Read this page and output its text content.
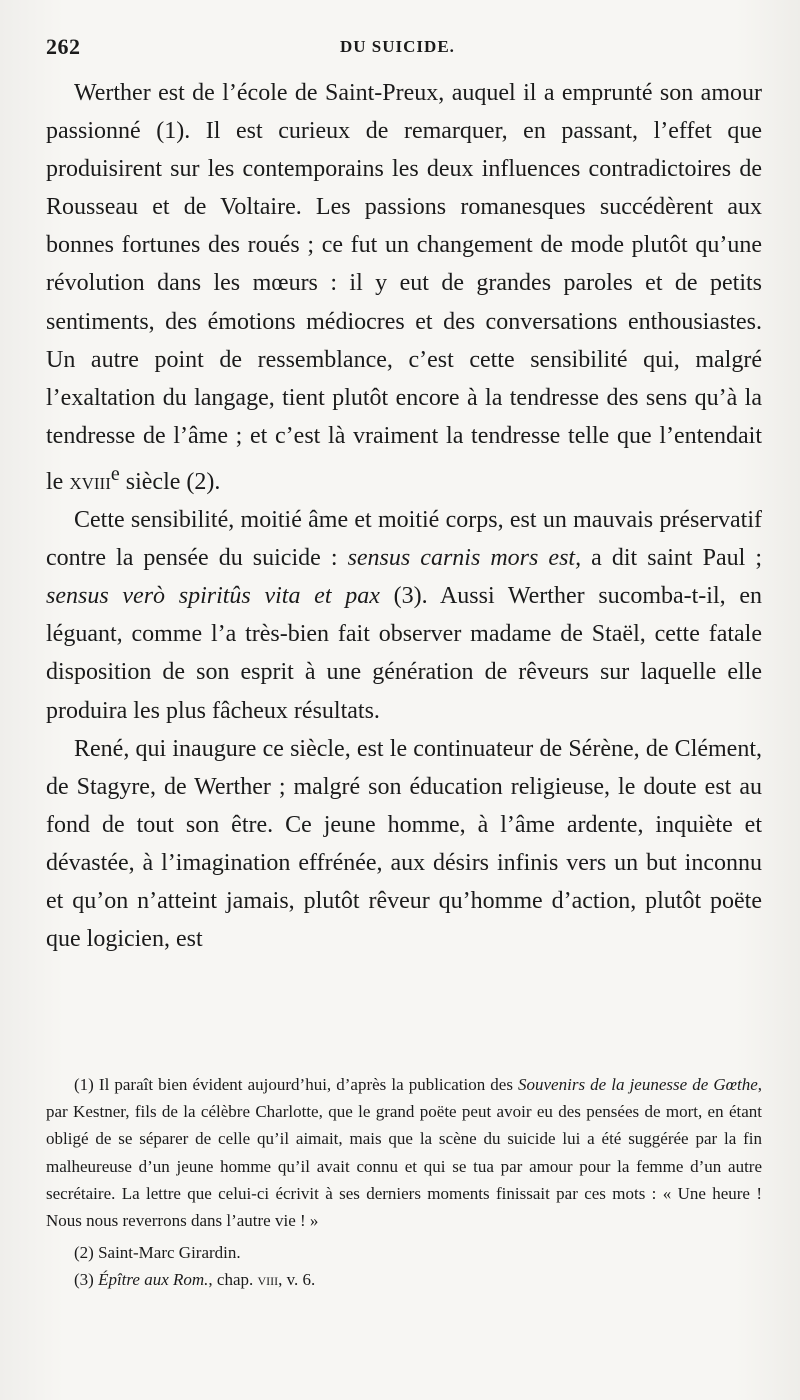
262	DU SUICIDE.

Werther est de l’école de Saint-Preux, auquel il a emprunté son amour passionné (1). Il est curieux de remarquer, en passant, l’effet que produisirent sur les contemporains les deux influences contradictoires de Rousseau et de Voltaire. Les passions romanesques succédèrent aux bonnes fortunes des roués ; ce fut un changement de mode plutôt qu’une révolution dans les mœurs : il y eut de grandes paroles et de petits sentiments, des émotions médiocres et des conversations enthousiastes. Un autre point de ressemblance, c’est cette sensibilité qui, malgré l’exaltation du langage, tient plutôt encore à la tendresse des sens qu’à la tendresse de l’âme ; et c’est là vraiment la tendresse telle que l’entendait le xviii$^e$ siècle (2).

Cette sensibilité, moitié âme et moitié corps, est un mauvais préservatif contre la pensée du suicide : sensus carnis mors est, a dit saint Paul ; sensus verò spiritûs vita et pax (3). Aussi Werther sucomba-t-il, en léguant, comme l’a très-bien fait observer madame de Staël, cette fatale disposition de son esprit à une génération de rêveurs sur laquelle elle produira les plus fâcheux résultats.

René, qui inaugure ce siècle, est le continuateur de Sérène, de Clément, de Stagyre, de Werther ; malgré son éducation religieuse, le doute est au fond de tout son être. Ce jeune homme, à l’âme ardente, inquiète et dévastée, à l’imagination effrénée, aux désirs infinis vers un but inconnu et qu’on n’atteint jamais, plutôt rêveur qu’homme d’action, plutôt poëte que logicien, est

(1) Il paraît bien évident aujourd’hui, d’après la publication des Souvenirs de la jeunesse de Gœthe, par Kestner, fils de la célèbre Charlotte, que le grand poëte peut avoir eu des pensées de mort, en étant obligé de se séparer de celle qu’il aimait, mais que la scène du suicide lui a été suggérée par la fin malheureuse d’un jeune homme qu’il avait connu et qui se tua par amour pour la femme d’un autre secrétaire. La lettre que celui-ci écrivit à ses derniers moments finissait par ces mots : « Une heure ! Nous nous reverrons dans l’autre vie ! »

(2) Saint-Marc Girardin.

(3) Épître aux Rom., chap. viii, v. 6.
